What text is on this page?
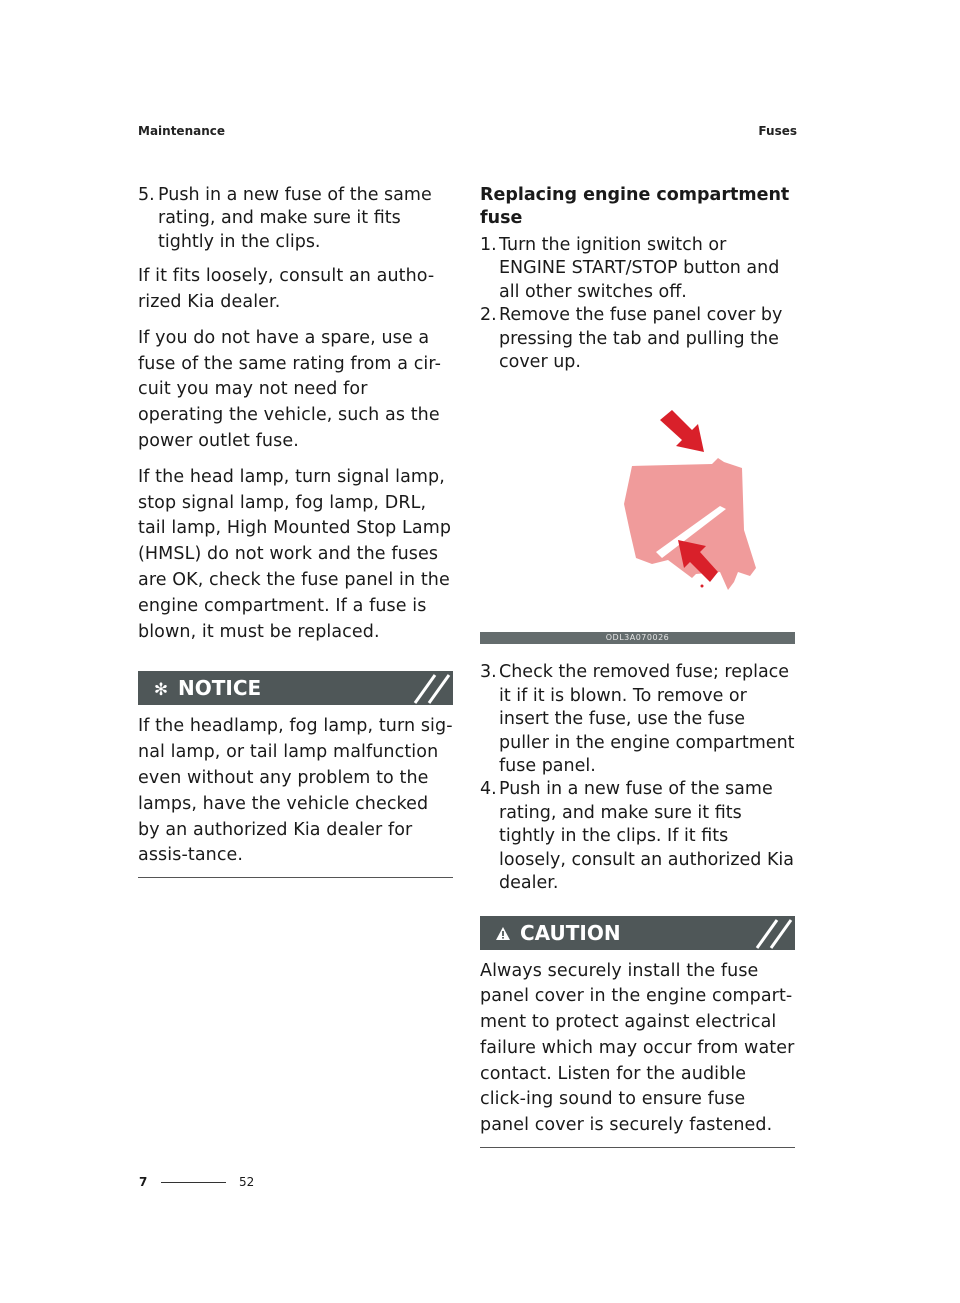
Maintenance	Fuses
5. Push in a new fuse of the same rating, and make sure it fits tightly in the clips.

If it fits loosely, consult an autho-rized Kia dealer.

If you do not have a spare, use a fuse of the same rating from a cir-cuit you may not need for operating the vehicle, such as the power outlet fuse.

If the head lamp, turn signal lamp, stop signal lamp, fog lamp, DRL, tail lamp, High Mounted Stop Lamp (HMSL) do not work and the fuses are OK, check the fuse panel in the engine compartment. If a fuse is blown, it must be replaced.

✻ NOTICE

If the headlamp, fog lamp, turn sig-nal lamp, or tail lamp malfunction even without any problem to the lamps, have the vehicle checked by an authorized Kia dealer for assis-tance.

Replacing engine compartment fuse
1. Turn the ignition switch or ENGINE START/STOP button and all other switches off.
2. Remove the fuse panel cover by pressing the tab and pulling the cover up.
ODL3A070026
3. Check the removed fuse; replace it if it is blown. To remove or insert the fuse, use the fuse puller in the engine compartment fuse panel.
4. Push in a new fuse of the same rating, and make sure it fits tightly in the clips. If it fits loosely, consult an authorized Kia dealer.
CAUTION

Always securely install the fuse panel cover in the engine compart-ment to protect against electrical failure which may occur from water contact. Listen for the audible click-ing sound to ensure fuse panel cover is securely fastened.

7	52
